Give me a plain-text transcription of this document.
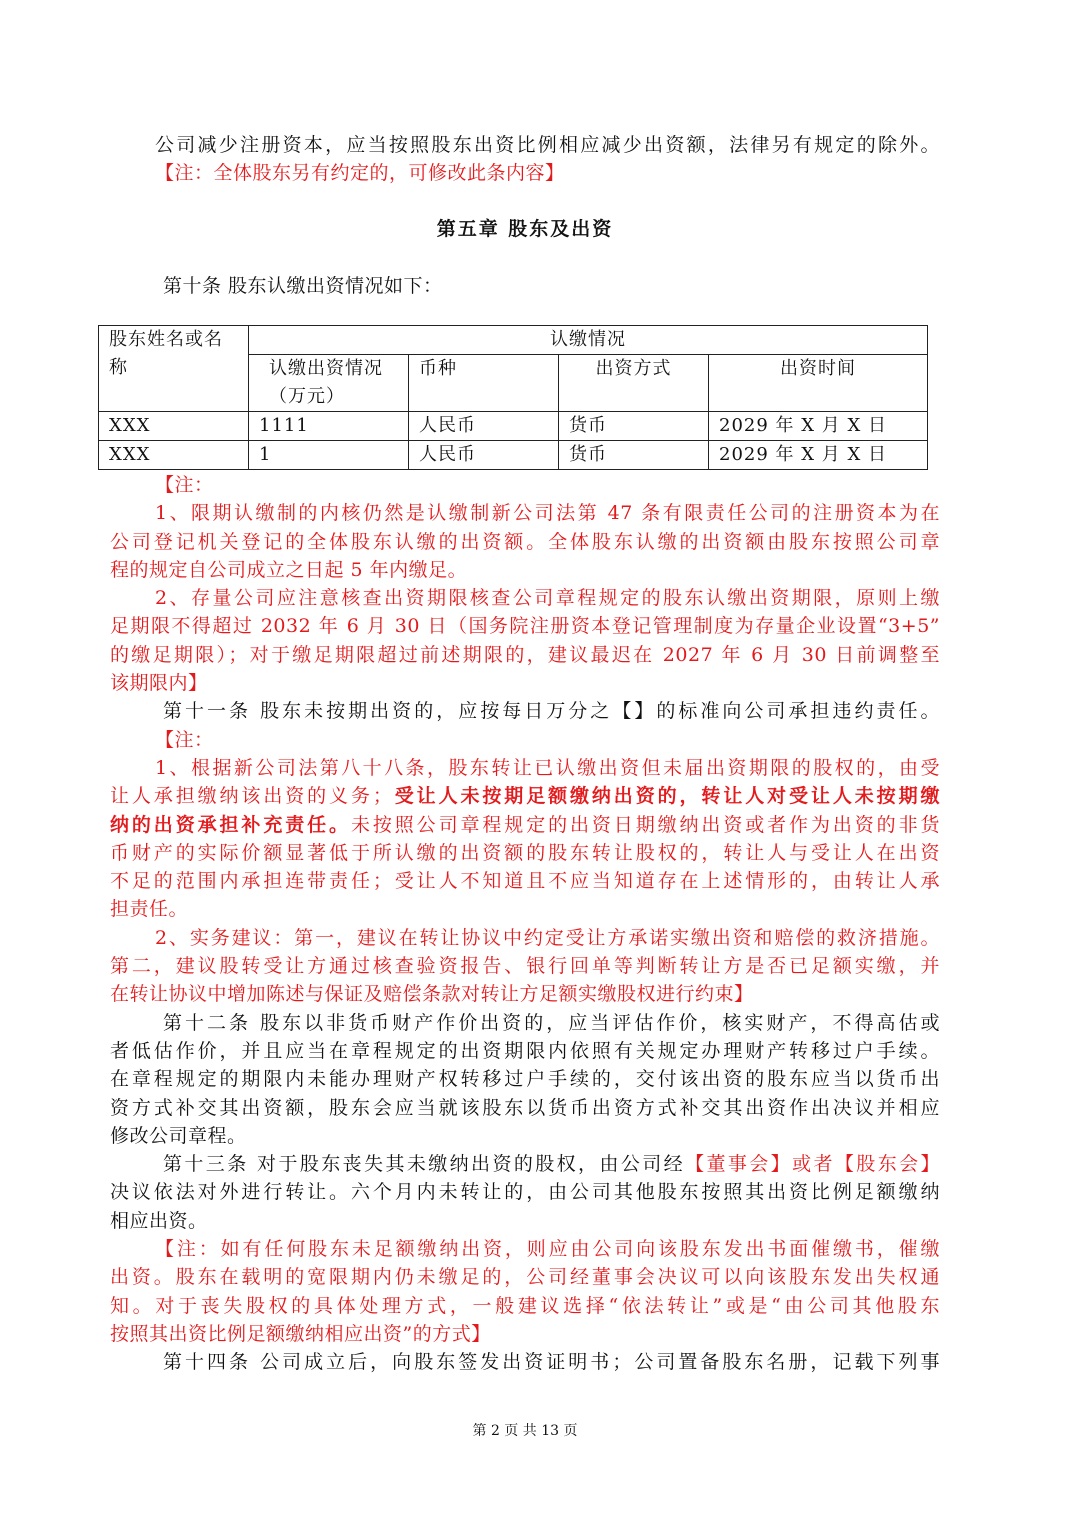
公司减少注册资本，应当按照股东出资比例相应减少出资额，法律另有规定的除外。
【注：全体股东另有约定的，可修改此条内容】
第五章 股东及出资
第十条 股东认缴出资情况如下：
股东姓名或名称	认缴情况			
	认缴出资情况（万元）	币种	出资方式	出资时间
XXX	1111	人民币	货币	2029 年 X 月 X 日
XXX	1	人民币	货币	2029 年 X 月 X 日
【注：
1、限期认缴制的内核仍然是认缴制新公司法第 47 条有限责任公司的注册资本为在
公司登记机关登记的全体股东认缴的出资额。全体股东认缴的出资额由股东按照公司章
程的规定自公司成立之日起 5 年内缴足。
2、存量公司应注意核查出资期限核查公司章程规定的股东认缴出资期限，原则上缴
足期限不得超过 2032 年 6 月 30 日（国务院注册资本登记管理制度为存量企业设置“3+5”
的缴足期限）；对于缴足期限超过前述期限的，建议最迟在 2027 年 6 月 30 日前调整至
该期限内】
第十一条 股东未按期出资的，应按每日万分之【】的标准向公司承担违约责任。
【注：
1、根据新公司法第八十八条，股东转让已认缴出资但未届出资期限的股权的，由受
让人承担缴纳该出资的义务；受让人未按期足额缴纳出资的，转让人对受让人未按期缴
纳的出资承担补充责任。未按照公司章程规定的出资日期缴纳出资或者作为出资的非货
币财产的实际价额显著低于所认缴的出资额的股东转让股权的，转让人与受让人在出资
不足的范围内承担连带责任；受让人不知道且不应当知道存在上述情形的，由转让人承
担责任。
2、实务建议：第一，建议在转让协议中约定受让方承诺实缴出资和赔偿的救济措施。
第二，建议股转受让方通过核查验资报告、银行回单等判断转让方是否已足额实缴，并
在转让协议中增加陈述与保证及赔偿条款对转让方足额实缴股权进行约束】
第十二条 股东以非货币财产作价出资的，应当评估作价，核实财产，不得高估或
者低估作价，并且应当在章程规定的出资期限内依照有关规定办理财产转移过户手续。
在章程规定的期限内未能办理财产权转移过户手续的，交付该出资的股东应当以货币出
资方式补交其出资额，股东会应当就该股东以货币出资方式补交其出资作出决议并相应
修改公司章程。
第十三条 对于股东丧失其未缴纳出资的股权，由公司经【董事会】或者【股东会】
决议依法对外进行转让。六个月内未转让的，由公司其他股东按照其出资比例足额缴纳
相应出资。
【注：如有任何股东未足额缴纳出资，则应由公司向该股东发出书面催缴书，催缴
出资。股东在载明的宽限期内仍未缴足的，公司经董事会决议可以向该股东发出失权通
知。对于丧失股权的具体处理方式，一般建议选择“依法转让”或是“由公司其他股东
按照其出资比例足额缴纳相应出资”的方式】
第十四条 公司成立后，向股东签发出资证明书；公司置备股东名册，记载下列事
第 2 页 共 13 页
